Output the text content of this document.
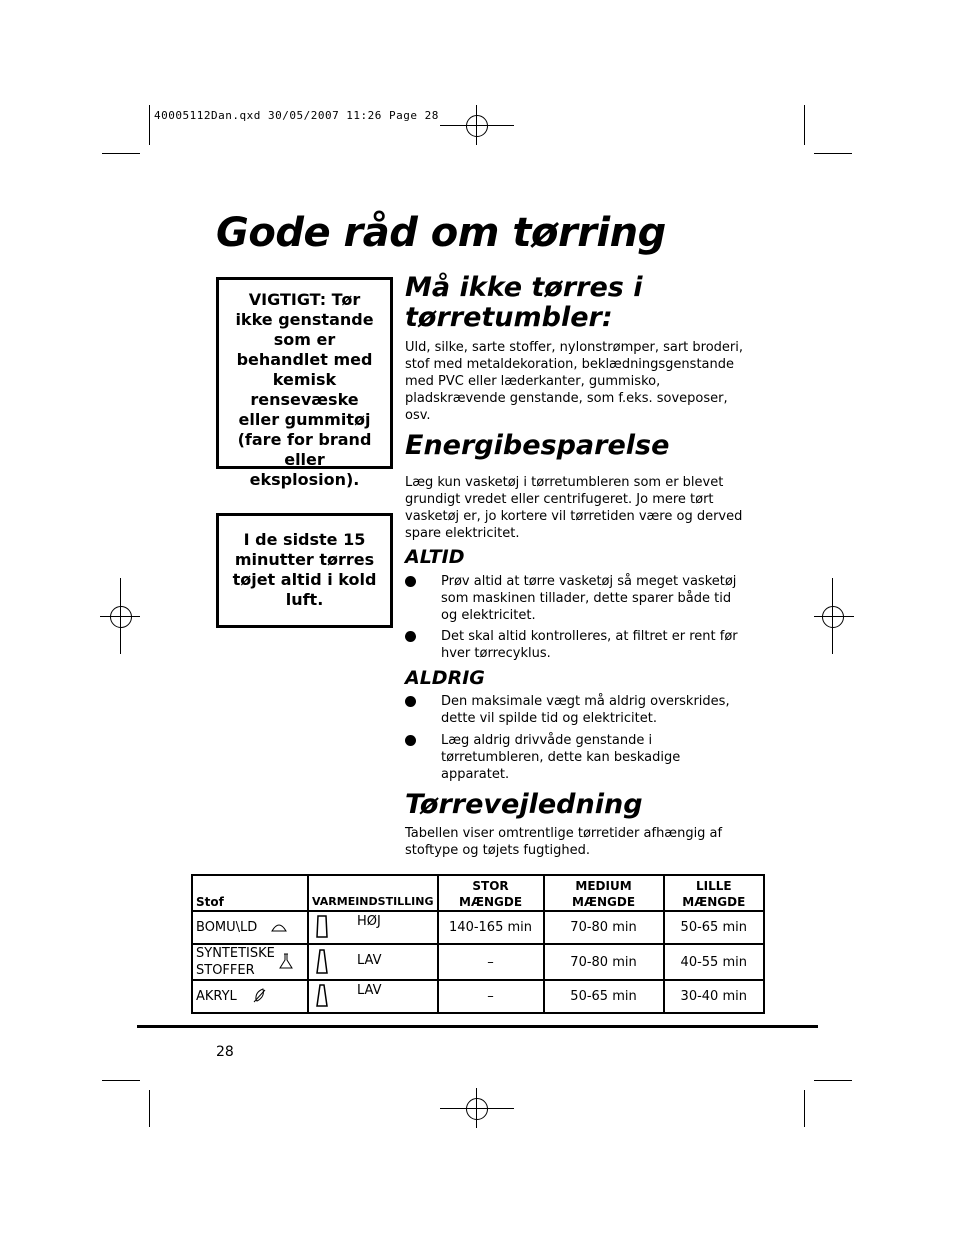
40005112Dan.qxd 30/05/2007 11:26 Page 28
Gode råd om tørring
VIGTIGT: Tør ikke genstande som er behandlet med kemisk rensevæske eller gummitøj (fare for brand eller eksplosion).
I de sidste 15 minutter tørres tøjet altid i kold luft.
Må ikke tørres i
tørretumbler:
Uld, silke, sarte stoffer, nylonstrømper, sart broderi, stof med metaldekoration, beklædningsgenstande med PVC eller læderkanter, gummisko, pladskrævende genstande, som f.eks. soveposer, osv.
Energibesparelse
Læg kun vasketøj i tørretumbleren som er blevet grundigt vredet eller centrifugeret. Jo mere tørt vasketøj er, jo kortere vil tørretiden være og derved spare elektricitet.
ALTID
Prøv altid at tørre vasketøj så meget vasketøj som maskinen tillader, dette sparer både tid og elektricitet.
Det skal altid kontrolleres, at filtret er rent før hver tørrecyklus.
ALDRIG
Den maksimale vægt må aldrig overskrides, dette vil spilde tid og elektricitet.
Læg aldrig drivvåde genstande i tørretumbleren, dette kan beskadige apparatet.
Tørrevejledning
Tabellen viser omtrentlige tørretider afhængig af stoftype og tøjets fugtighed.
Stof	VARMEINDSTILLING	STOR MÆNGDE	MEDIUM MÆNGDE	LILLE MÆNGDE
BOMU\LD	HØJ	140-165 min	70-80 min	50-65 min

SYNTETISKE STOFFER	LAV	–	70-80 min	40-55 min
AKRYL	LAV	–	50-65 min	30-40 min
28
